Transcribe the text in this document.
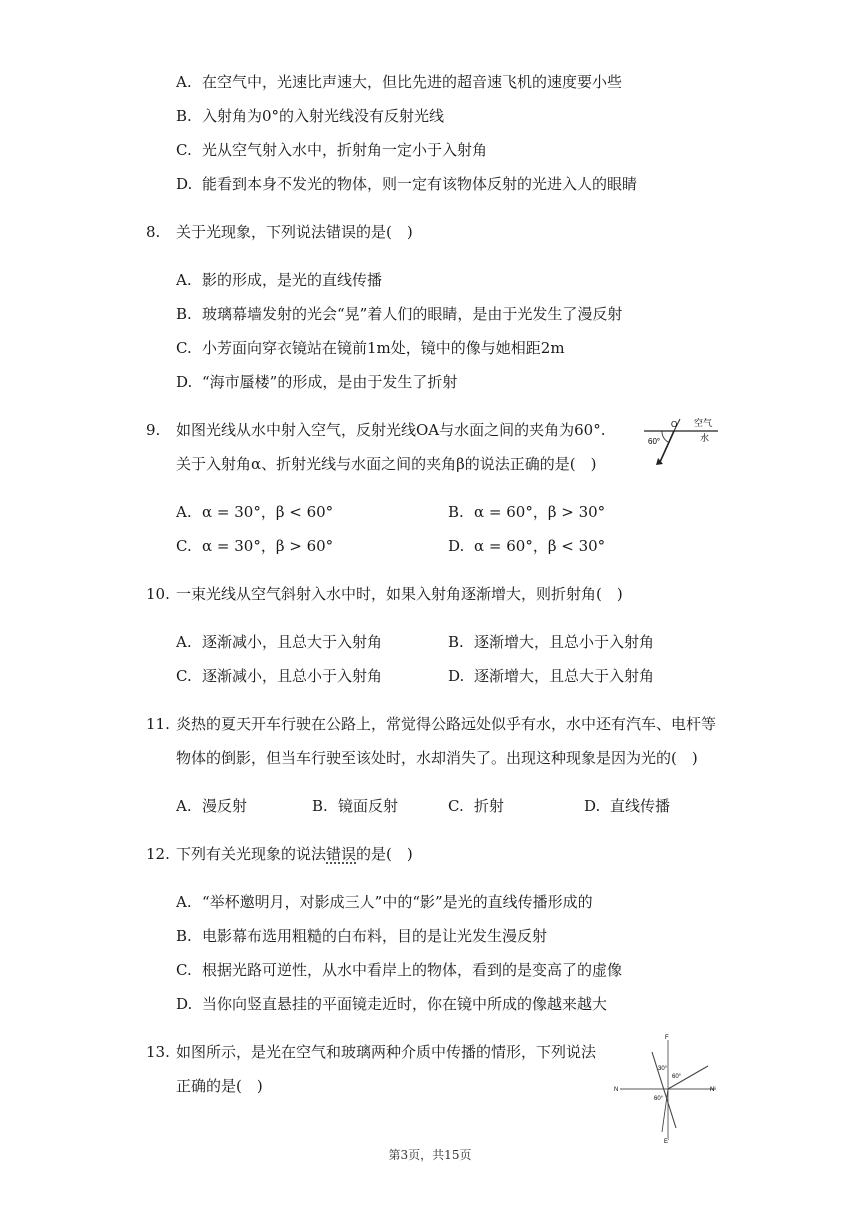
A. 在空气中，光速比声速大，但比先进的超音速飞机的速度要小些
B. 入射角为0°的入射光线没有反射光线
C. 光从空气射入水中，折射角一定小于入射角
D. 能看到本身不发光的物体，则一定有该物体反射的光进入人的眼睛
8. 关于光现象，下列说法错误的是(　)
A. 影的形成，是光的直线传播
B. 玻璃幕墙发射的光会“晃”着人们的眼睛，是由于光发生了漫反射
C. 小芳面向穿衣镜站在镜前1m处，镜中的像与她相距2m
D. “海市蜃楼”的形成，是由于发生了折射
9. 如图光线从水中射入空气，反射光线OA与水面之间的夹角为60°.
关于入射角α、折射光线与水面之间的夹角β的说法正确的是(　)
O 空气
水
60°
A. α = 30°，β < 60°	B. α = 60°，β > 30°
C. α = 30°，β > 60°	D. α = 60°，β < 30°
10. 一束光线从空气斜射入水中时，如果入射角逐渐增大，则折射角(　)
A. 逐渐减小，且总大于入射角	B. 逐渐增大，且总小于入射角
C. 逐渐减小，且总小于入射角	D. 逐渐增大，且总大于入射角
11. 炎热的夏天开车行驶在公路上，常觉得公路远处似乎有水，水中还有汽车、电杆等
物体的倒影，但当车行驶至该处时，水却消失了。出现这种现象是因为光的(　)
A. 漫反射	B. 镜面反射	C. 折射	D. 直线传播
12. 下列有关光现象的说法错误的是(　)
A. “举杯邀明月，对影成三人”中的“影”是光的直线传播形成的
B. 电影幕布选用粗糙的白布料，目的是让光发生漫反射
C. 根据光路可逆性，从水中看岸上的物体，看到的是变高了的虚像
D. 当你向竖直悬挂的平面镜走近时，你在镜中所成的像越来越大
13. 如图所示，是光在空气和玻璃两种介质中传播的情形，下列说法
正确的是(　)
F
E'
N	N'
30°
60°
60°
第3页，共15页
